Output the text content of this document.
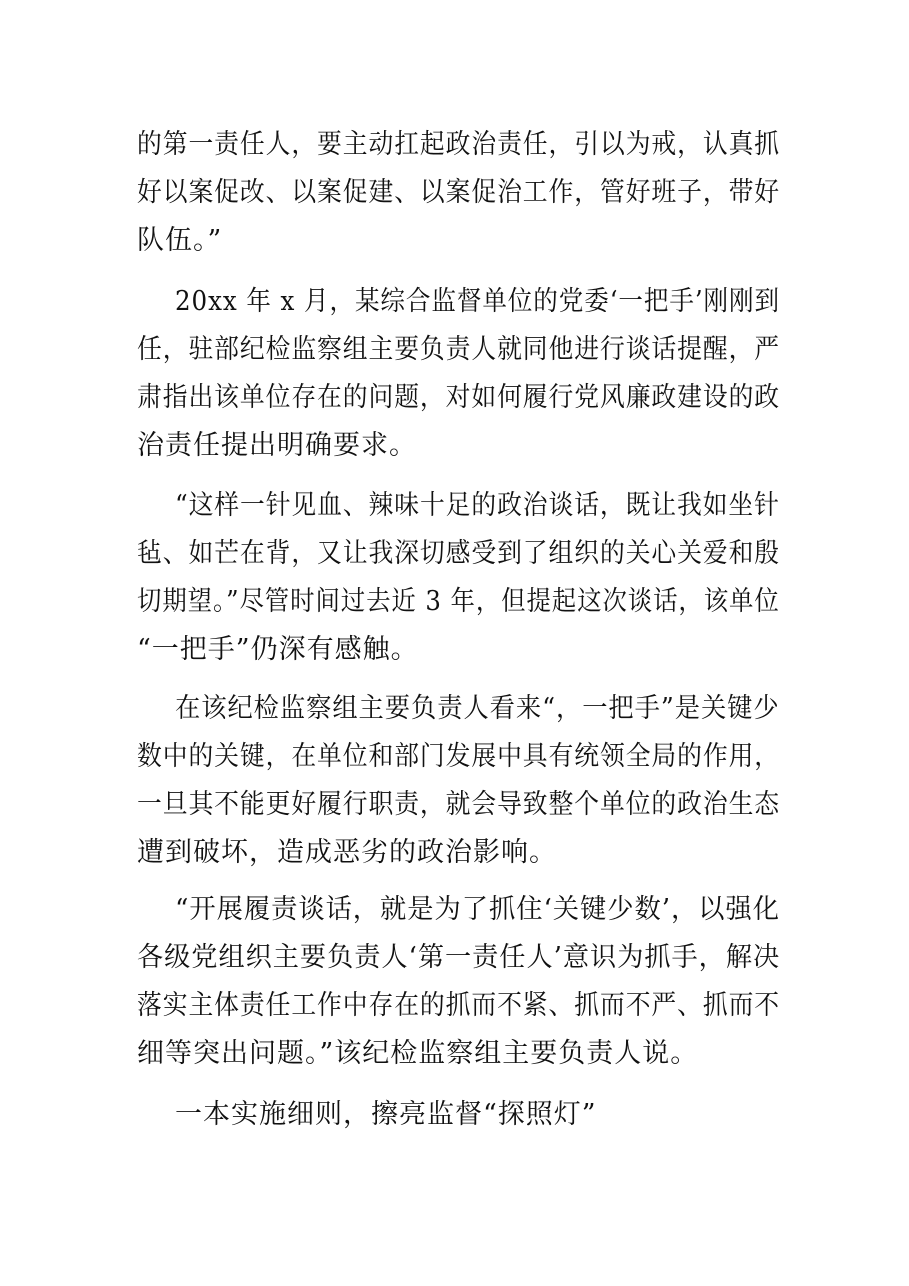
的第一责任人，要主动扛起政治责任，引以为戒，认真抓
好以案促改、以案促建、以案促治工作，管好班子，带好
队伍。”
20xx 年 x 月，某综合监督单位的党委‘一把手’刚刚到
任，驻部纪检监察组主要负责人就同他进行谈话提醒，严
肃指出该单位存在的问题，对如何履行党风廉政建设的政
治责任提出明确要求。
“这样一针见血、辣味十足的政治谈话，既让我如坐针
毡、如芒在背，又让我深切感受到了组织的关心关爱和殷
切期望。”尽管时间过去近 3 年，但提起这次谈话，该单位
“一把手”仍深有感触。
在该纪检监察组主要负责人看来“，一把手”是关键少
数中的关键，在单位和部门发展中具有统领全局的作用，
一旦其不能更好履行职责，就会导致整个单位的政治生态
遭到破坏，造成恶劣的政治影响。
“开展履责谈话，就是为了抓住‘关键少数’，以强化
各级党组织主要负责人‘第一责任人’意识为抓手，解决
落实主体责任工作中存在的抓而不紧、抓而不严、抓而不
细等突出问题。”该纪检监察组主要负责人说。
一本实施细则，擦亮监督“探照灯”
